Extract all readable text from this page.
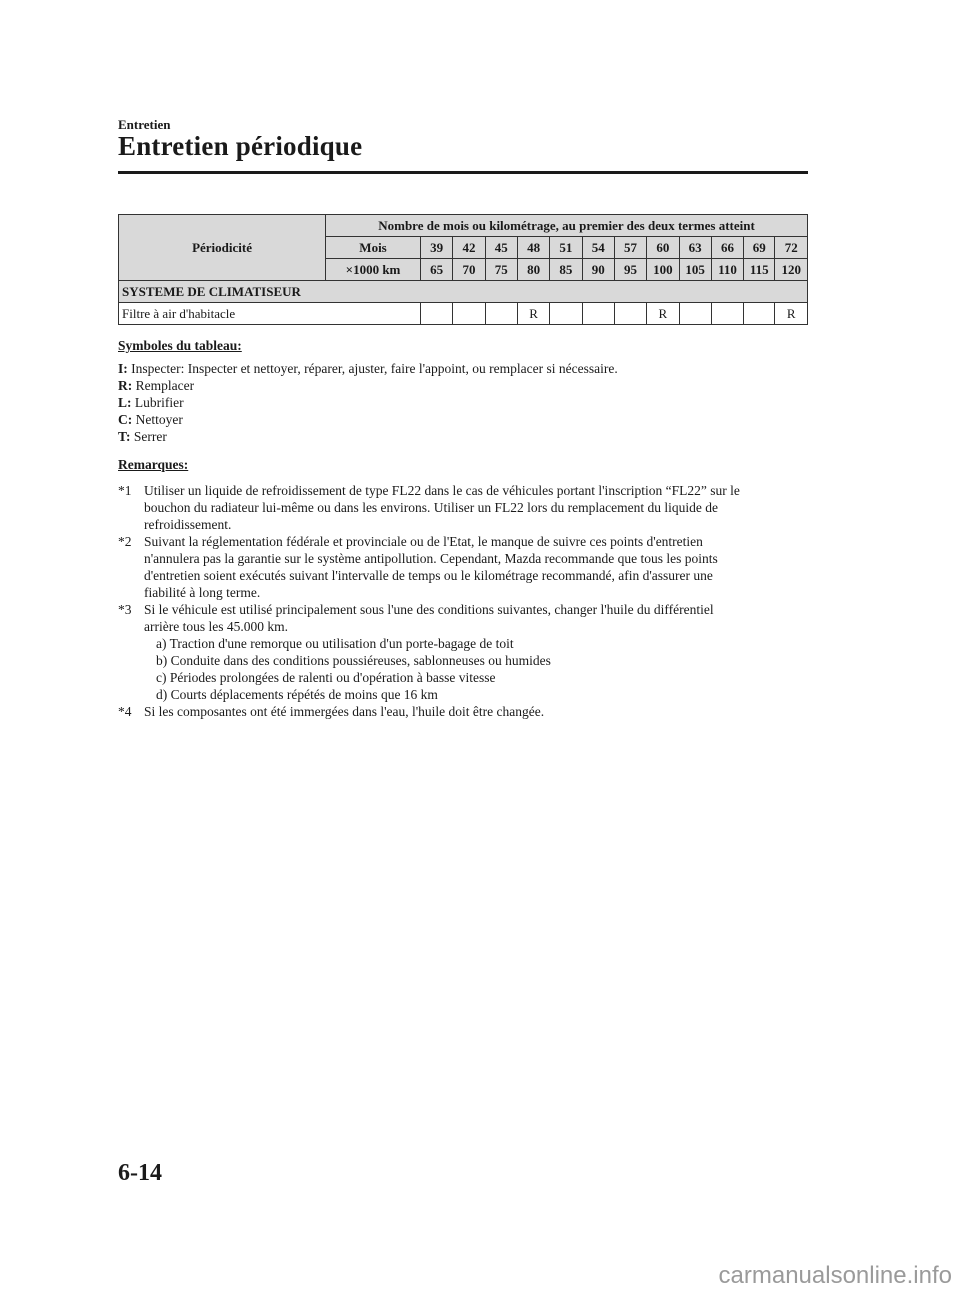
Entretien
Entretien périodique
Périodicité	Nombre de mois ou kilométrage, au premier des deux termes atteint												
	Mois	39	42	45	48	51	54	57	60	63	66	69	72
	×1000 km	65	70	75	80	85	90	95	100	105	110	115	120
SYSTEME DE CLIMATISEUR													
Filtre à air d'habitacle					R				R				R
Symboles du tableau:
I: Inspecter: Inspecter et nettoyer, réparer, ajuster, faire l'appoint, ou remplacer si nécessaire.
R: Remplacer
L: Lubrifier
C: Nettoyer
T: Serrer
Remarques:
*1 Utiliser un liquide de refroidissement de type FL22 dans le cas de véhicules portant l'inscription “FL22” sur le
bouchon du radiateur lui-même ou dans les environs. Utiliser un FL22 lors du remplacement du liquide de
refroidissement.
*2 Suivant la réglementation fédérale et provinciale ou de l'Etat, le manque de suivre ces points d'entretien
n'annulera pas la garantie sur le système antipollution. Cependant, Mazda recommande que tous les points
d'entretien soient exécutés suivant l'intervalle de temps ou le kilométrage recommandé, afin d'assurer une
fiabilité à long terme.
*3 Si le véhicule est utilisé principalement sous l'une des conditions suivantes, changer l'huile du différentiel
arrière tous les 45.000 km.
a) Traction d'une remorque ou utilisation d'un porte-bagage de toit
b) Conduite dans des conditions poussiéreuses, sablonneuses ou humides
c) Périodes prolongées de ralenti ou d'opération à basse vitesse
d) Courts déplacements répétés de moins que 16 km
*4 Si les composantes ont été immergées dans l'eau, l'huile doit être changée.
6-14
carmanualsonline.info
